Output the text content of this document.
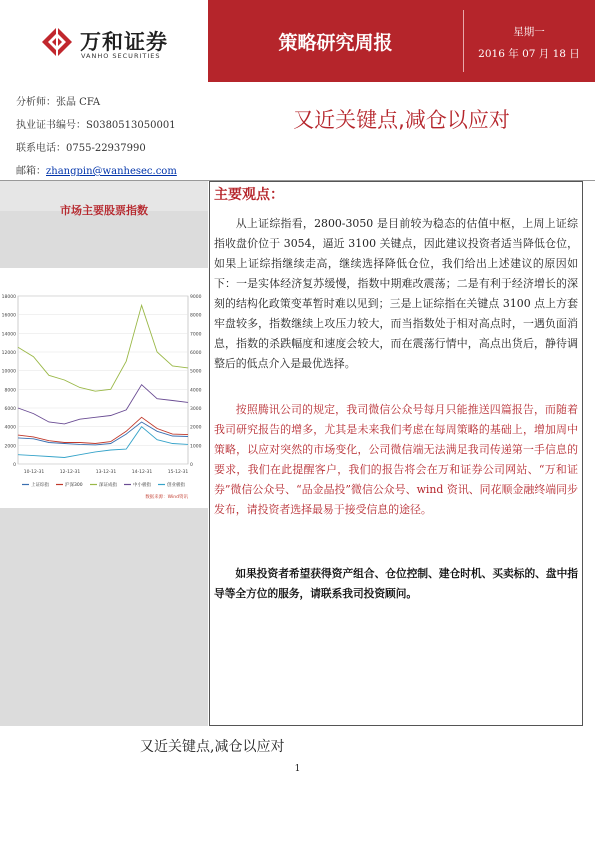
万和证券
VANHO SECURITIES
策略研究周报	星期一
2016 年 07 月 18 日
分析师：张晶 CFA
执业证书编号：S0380513050001
联系电话：0755-22937990
邮箱：zhangpin@wanhesec.com
又近关键点,减仓以应对
市场主要股票指数
0
2000
4000
6000
8000
10000
12000
14000
16000
18000
0
1000
2000
3000
4000
5000
6000
7000
8000
9000
10-12-31	12-12-31	13-12-31	14-12-31	15-12-31
上证综指	沪深300	深证成指	中小板指	创业板指
数据来源：Wind资讯
主要观点：
从上证综指看，2800-3050 是目前较为稳态的估值中枢，上周上证综指收盘价位于 3054，逼近 3100 关键点，因此建议投资者适当降低仓位，如果上证综指继续走高，继续选择降低仓位，我们给出上述建议的原因如下：一是实体经济复苏缓慢，指数中期难改震荡；二是有利于经济增长的深刻的结构化政策变革暂时难以见到；三是上证综指在关键点 3100 点上方套牢盘较多，指数继续上攻压力较大，而当指数处于相对高点时，一遇负面消息，指数的杀跌幅度和速度会较大，而在震荡行情中，高点出货后，静待调整后的低点介入是最优选择。
按照腾讯公司的规定，我司微信公众号每月只能推送四篇报告，而随着我司研究报告的增多，尤其是未来我们考虑在每周策略的基础上，增加周中策略，以应对突然的市场变化，公司微信端无法满足我司传递第一手信息的要求，我们在此提醒客户，我们的报告将会在万和证券公司网站、“万和证券”微信公众号、“品金晶投”微信公众号、wind 资讯、同花顺金融终端同步发布，请投资者选择最易于接受信息的途径。
如果投资者希望获得资产组合、仓位控制、建仓时机、买卖标的、盘中指导等全方位的服务，请联系我司投资顾问。
又近关键点,减仓以应对
1
